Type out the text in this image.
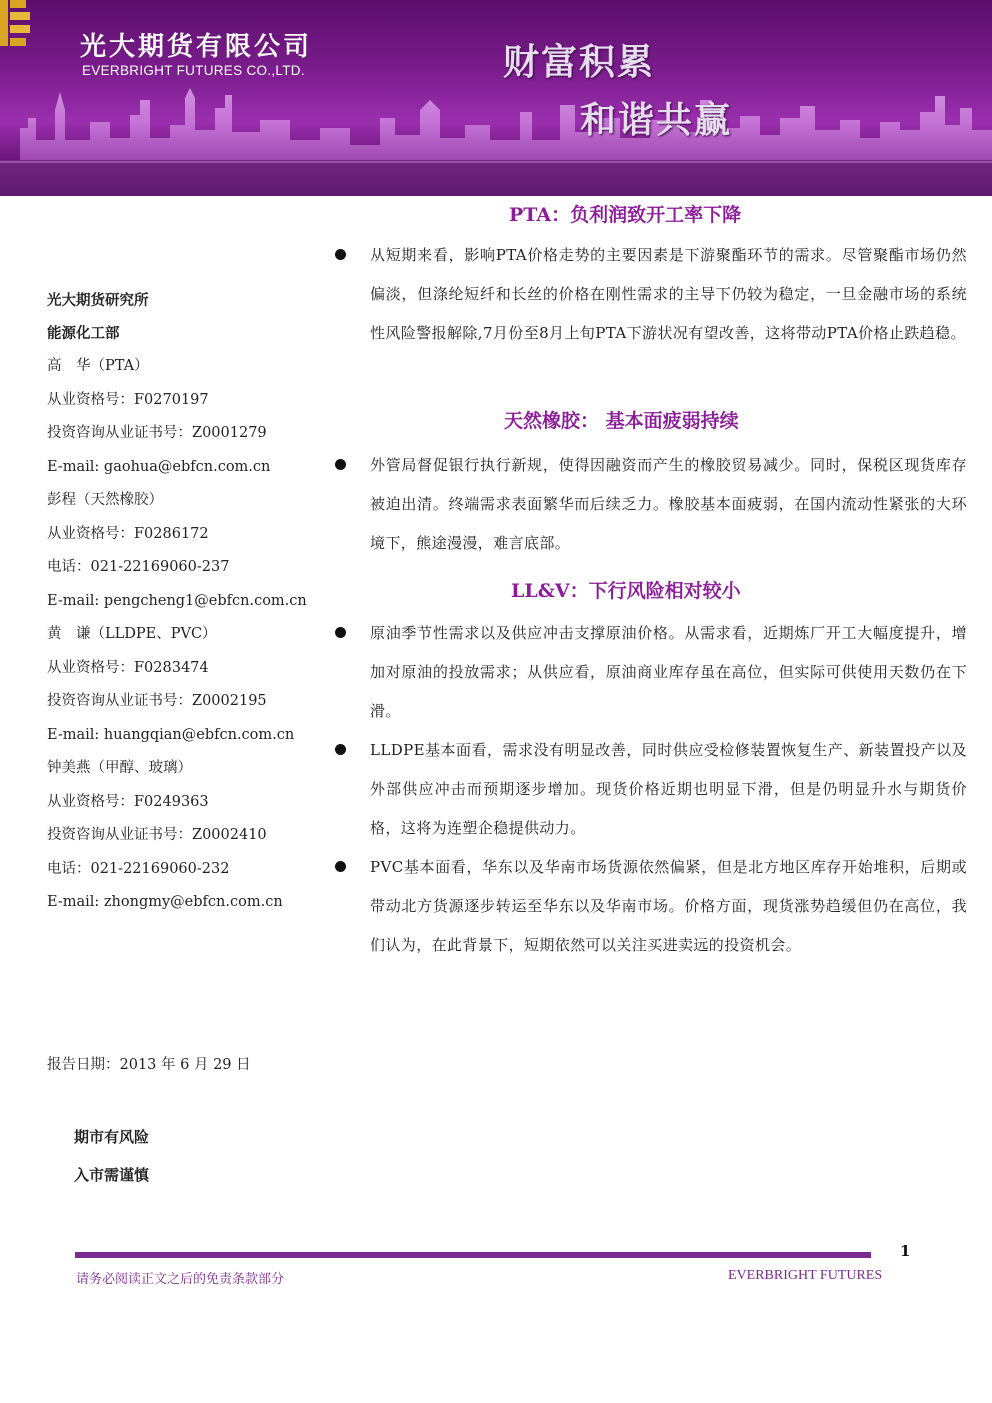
光大期货有限公司
EVERBRIGHT FUTURES CO.,LTD.	财富积累
和谐共赢
光大期货研究所
能源化工部
高　华（PTA）
从业资格号：F0270197
投资咨询从业证书号：Z0001279
E-mail: gaohua@ebfcn.com.cn
彭程（天然橡胶）
从业资格号：F0286172
电话：021-22169060-237
E-mail: pengcheng1@ebfcn.com.cn
黄　谦（LLDPE、PVC）
从业资格号：F0283474
投资咨询从业证书号：Z0002195
E-mail: huangqian@ebfcn.com.cn
钟美燕（甲醇、玻璃）
从业资格号：F0249363
投资咨询从业证书号：Z0002410
电话：021-22169060-232
E-mail: zhongmy@ebfcn.com.cn
报告日期：2013 年 6 月 29 日
期市有风险
入市需谨慎
PTA：负利润致开工率下降
从短期来看，影响PTA价格走势的主要因素是下游聚酯环节的需求。尽管聚酯市场仍然偏淡，但涤纶短纤和长丝的价格在刚性需求的主导下仍较为稳定，一旦金融市场的系统性风险警报解除,7月份至8月上旬PTA下游状况有望改善，这将带动PTA价格止跌趋稳。
天然橡胶： 基本面疲弱持续
外管局督促银行执行新规，使得因融资而产生的橡胶贸易减少。同时，保税区现货库存被迫出清。终端需求表面繁华而后续乏力。橡胶基本面疲弱，在国内流动性紧张的大环境下，熊途漫漫，难言底部。
LL&V：下行风险相对较小
原油季节性需求以及供应冲击支撑原油价格。从需求看，近期炼厂开工大幅度提升，增加对原油的投放需求；从供应看，原油商业库存虽在高位，但实际可供使用天数仍在下滑。
LLDPE基本面看，需求没有明显改善，同时供应受检修装置恢复生产、新装置投产以及外部供应冲击而预期逐步增加。现货价格近期也明显下滑，但是仍明显升水与期货价格，这将为连塑企稳提供动力。
PVC基本面看，华东以及华南市场货源依然偏紧，但是北方地区库存开始堆积，后期或带动北方货源逐步转运至华东以及华南市场。价格方面，现货涨势趋缓但仍在高位，我们认为，在此背景下，短期依然可以关注买进卖远的投资机会。
1
请务必阅读正文之后的免责条款部分	EVERBRIGHT FUTURES
